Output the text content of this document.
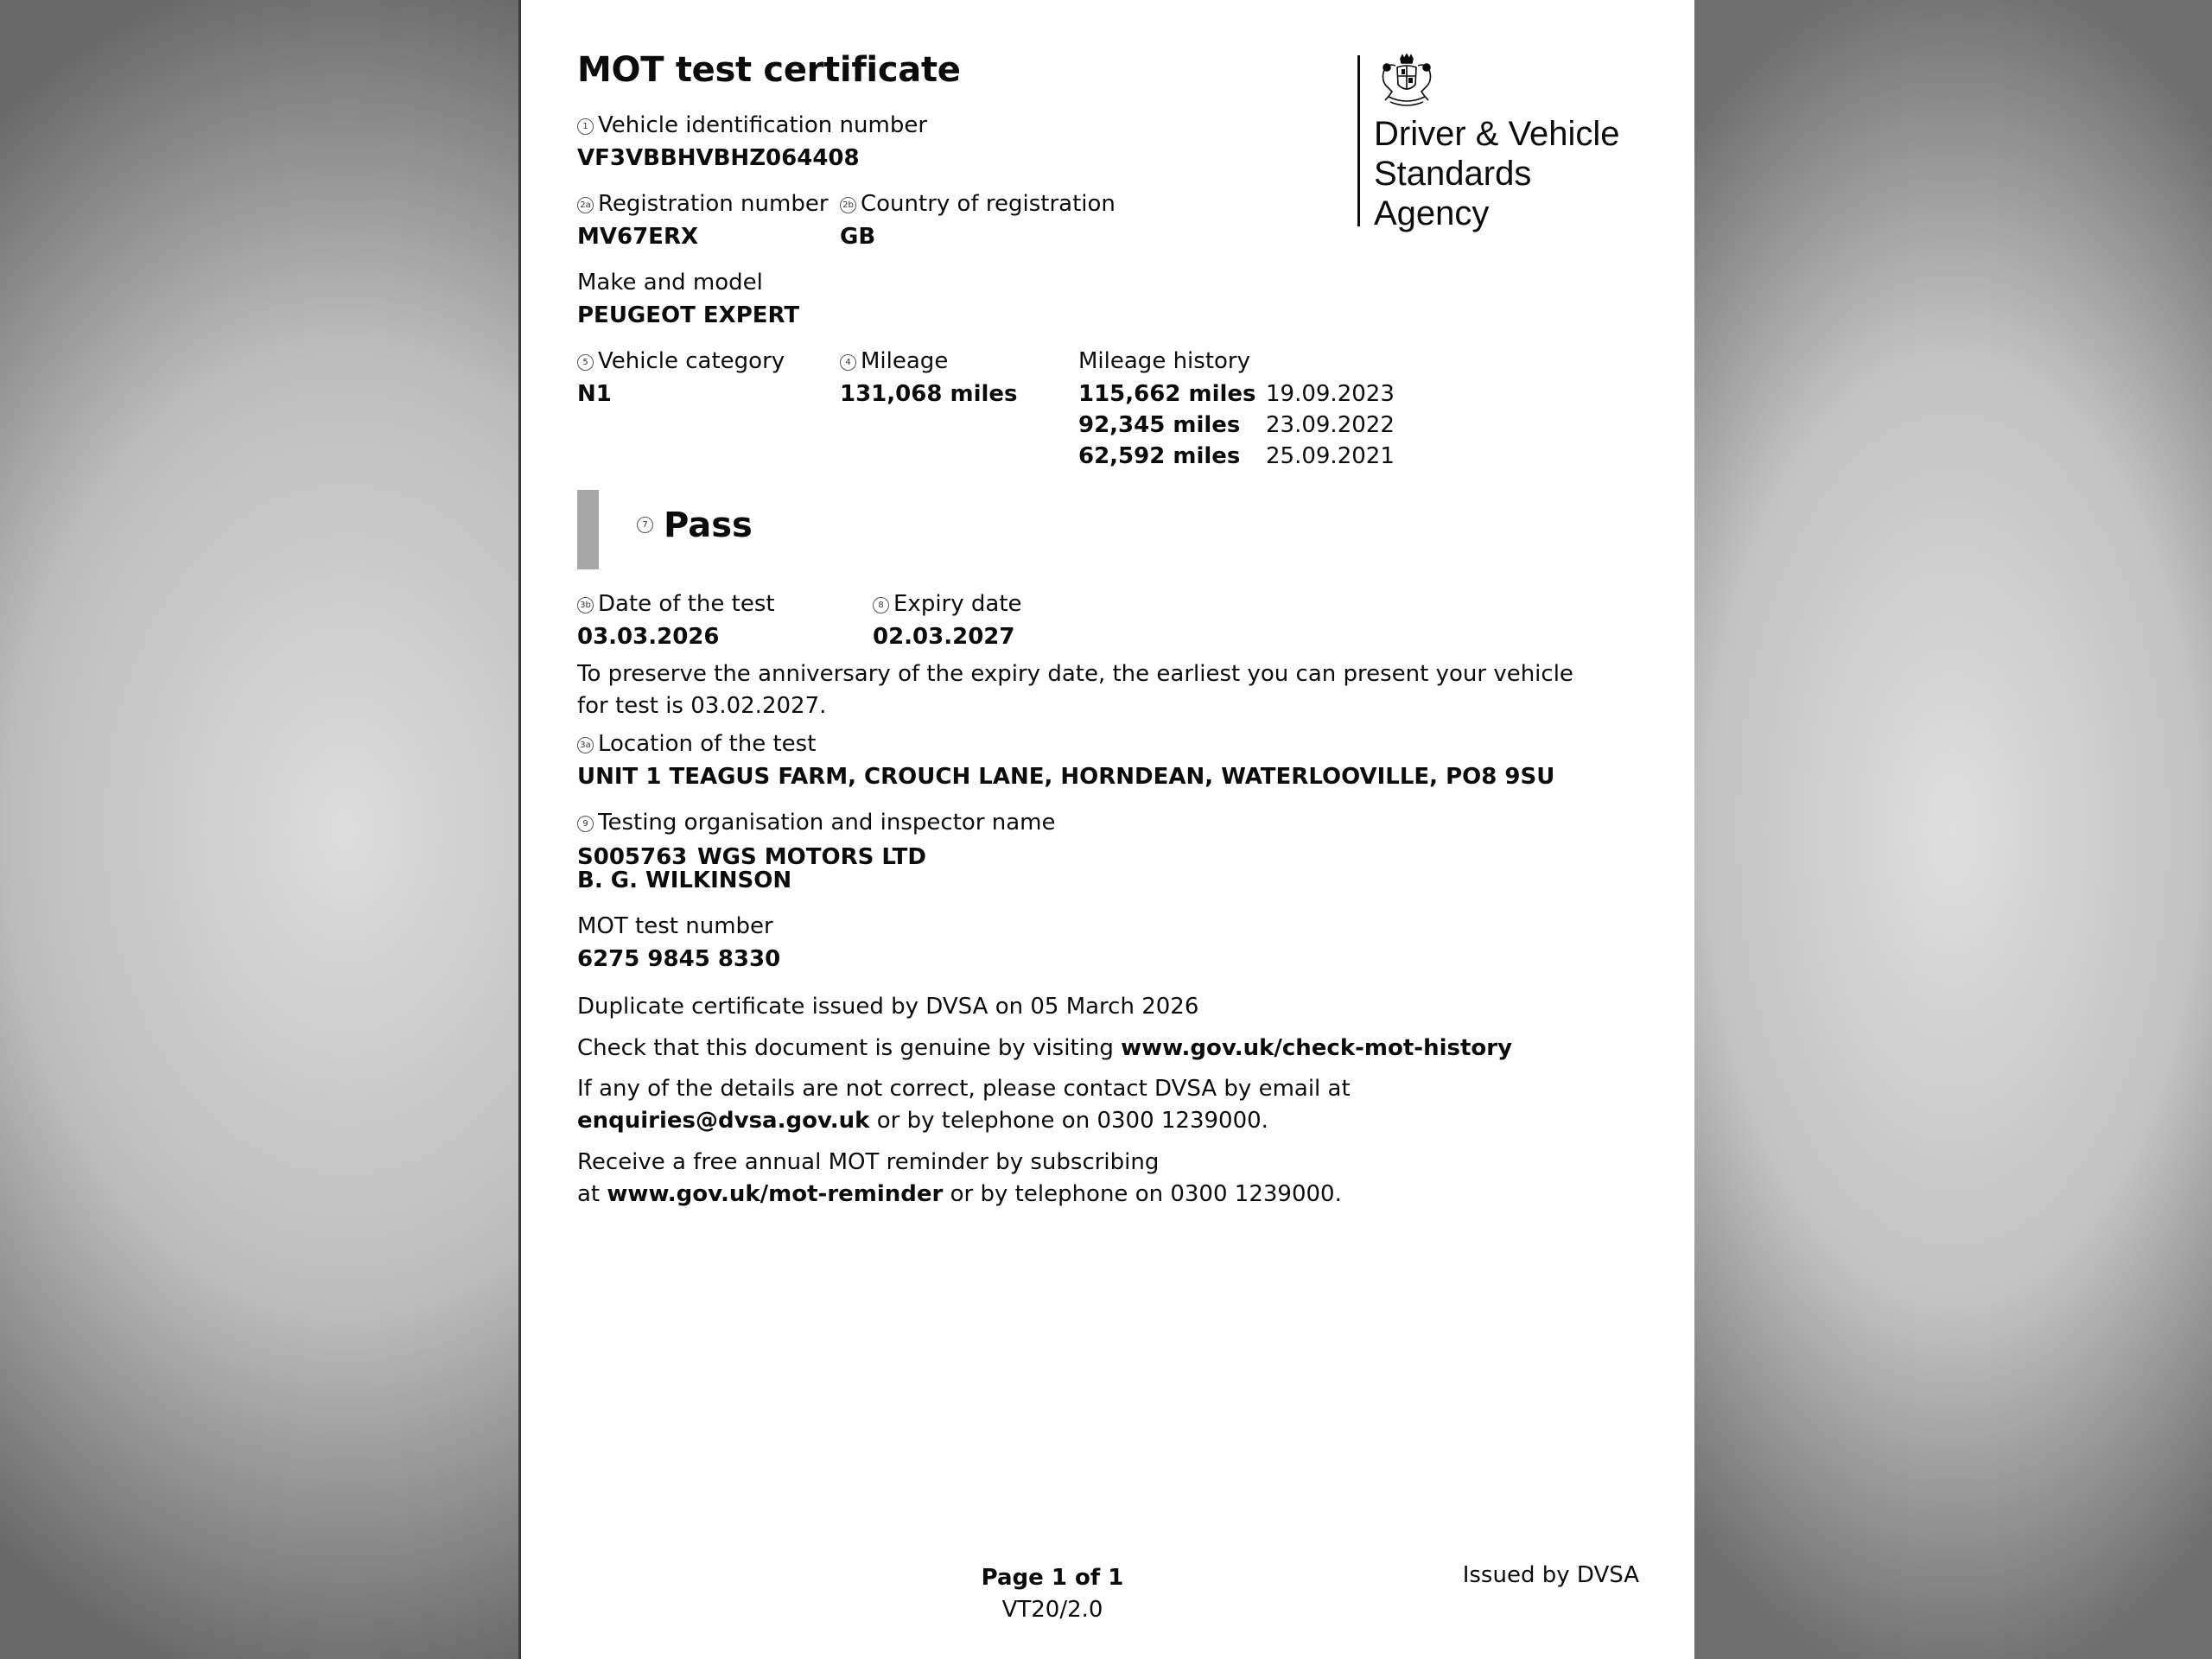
MOT test certificate
Driver & Vehicle
Standards
Agency
1 Vehicle identification number
VF3VBBHVBHZ064408
2a Registration number
MV67ERX
2b Country of registration
GB
Make and model
PEUGEOT EXPERT
5 Vehicle category
N1
4 Mileage
131,068 miles
Mileage history
115,662 miles 19.09.2023
92,345 miles 23.09.2022
62,592 miles 25.09.2021
7 Pass
3b Date of the test
03.03.2026
8 Expiry date
02.03.2027
To preserve the anniversary of the expiry date, the earliest you can present your vehicle for test is 03.02.2027.
3a Location of the test
UNIT 1 TEAGUS FARM, CROUCH LANE, HORNDEAN, WATERLOOVILLE, PO8 9SU
9 Testing organisation and inspector name
S005763 WGS MOTORS LTD
B. G. WILKINSON
MOT test number
6275 9845 8330
Duplicate certificate issued by DVSA on 05 March 2026
Check that this document is genuine by visiting www.gov.uk/check-mot-history
If any of the details are not correct, please contact DVSA by email at
enquiries@dvsa.gov.uk or by telephone on 0300 1239000.
Receive a free annual MOT reminder by subscribing
at www.gov.uk/mot-reminder or by telephone on 0300 1239000.
Page 1 of 1
VT20/2.0
Issued by DVSA
